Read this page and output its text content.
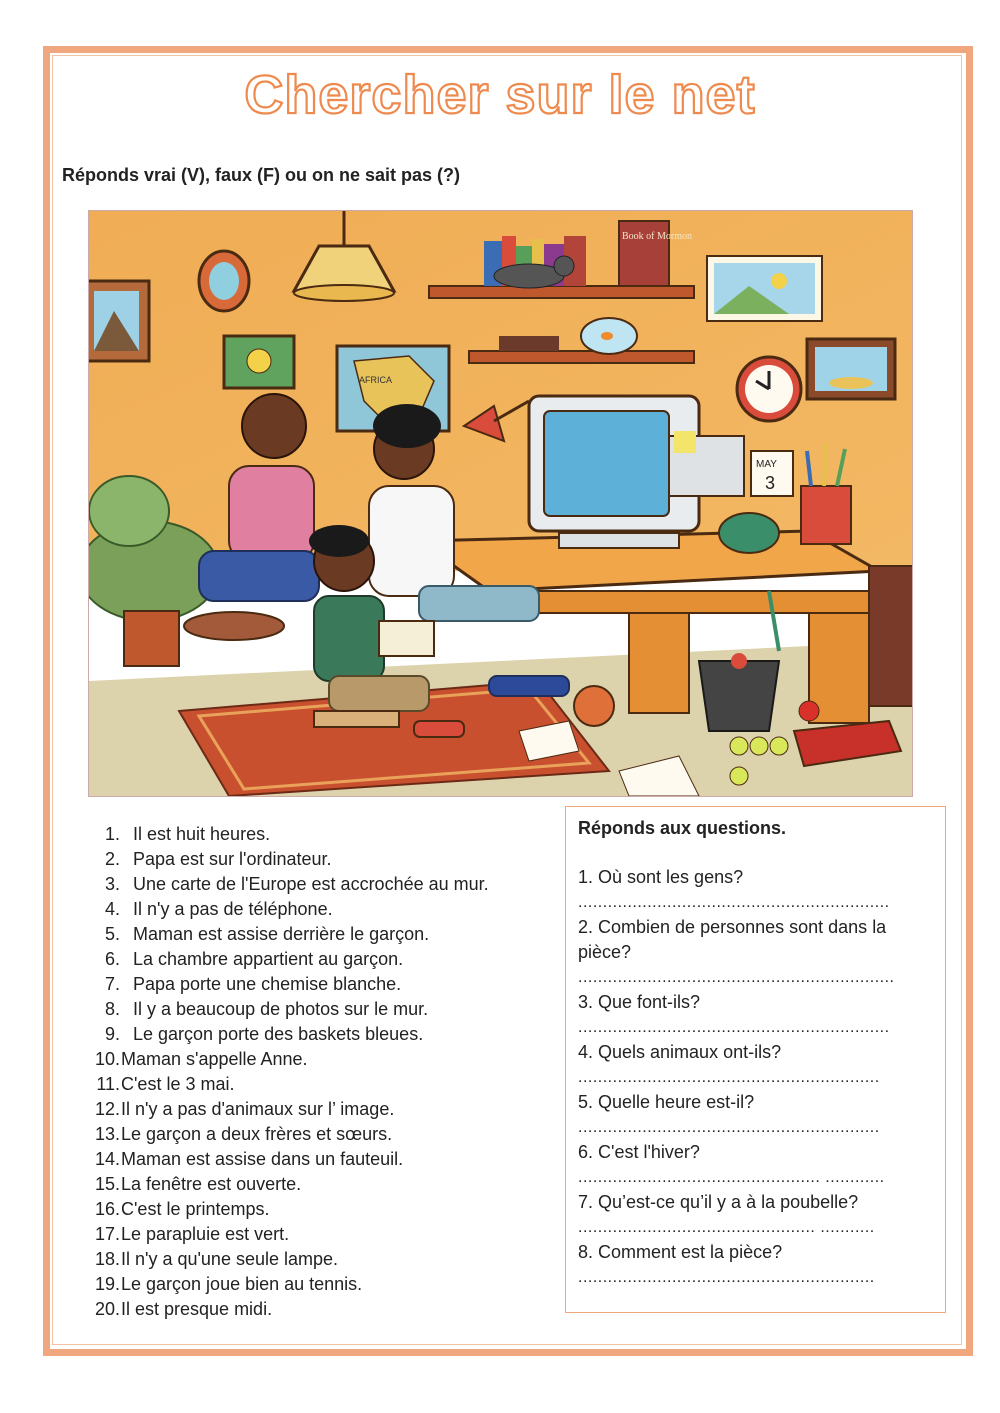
Chercher sur le net
Réponds vrai (V), faux (F) ou on ne sait pas (?)
AFRICA
Book of Mormon
MAY
3
1. Il est huit heures.
2. Papa est sur l'ordinateur.
3. Une carte de l'Europe est accrochée au mur.
4. Il n'y a pas de téléphone.
5. Maman est assise derrière le garçon.
6. La chambre appartient au garçon.
7. Papa porte une chemise blanche.
8. Il y a beaucoup de photos sur le mur.
9. Le garçon porte des baskets bleues.
10. Maman s'appelle Anne.
11. C'est le 3 mai.
12. Il n'y a pas d'animaux sur l’ image.
13. Le garçon a deux frères et sœurs.
14. Maman est assise dans un fauteuil.
15. La fenêtre est ouverte.
16. C'est le printemps.
17. Le parapluie est vert.
18. Il n'y a qu'une seule lampe.
19. Le garçon joue bien au tennis.
20. Il est presque midi.
Réponds aux questions.
1. Où sont les gens?
...............................................................
2. Combien de personnes sont dans la pièce?
................................................................
3. Que font-ils?
...............................................................
4. Quels animaux ont-ils?
.............................................................
5. Quelle heure est-il?
.............................................................
6. C'est l'hiver?
................................................. ............
7. Qu’est-ce qu’il y a à la poubelle?
................................................ ...........
8. Comment est la pièce?
............................................................
